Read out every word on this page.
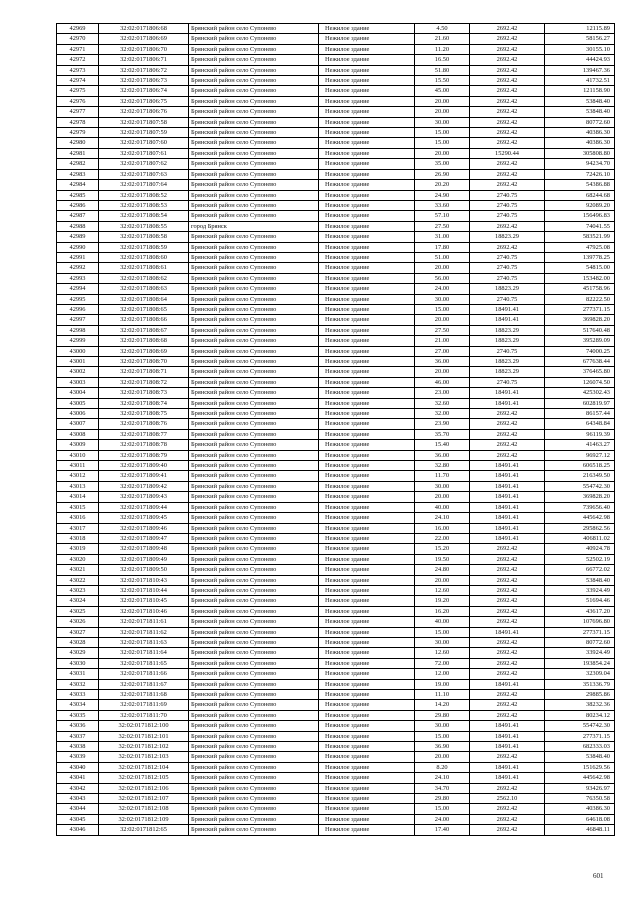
42969	32:02:0171806:68	Брянский район село Супонево	Нежилое здание	4.50	2692.42	12115.89
42970	32:02:0171806:69	Брянский район село Супонево	Нежилое здание	21.60	2692.42	58156.27
42971	32:02:0171806:70	Брянский район село Супонево	Нежилое здание	11.20	2692.42	30155.10
42972	32:02:0171806:71	Брянский район село Супонево	Нежилое здание	16.50	2692.42	44424.93
42973	32:02:0171806:72	Брянский район село Супонево	Нежилое здание	51.80	2692.42	139467.36
42974	32:02:0171806:73	Брянский район село Супонево	Нежилое здание	15.50	2692.42	41732.51
42975	32:02:0171806:74	Брянский район село Супонево	Нежилое здание	45.00	2692.42	121158.90
42976	32:02:0171806:75	Брянский район село Супонево	Нежилое здание	20.00	2692.42	53848.40
42977	32:02:0171806:76	Брянский район село Супонево	Нежилое здание	20.00	2692.42	53848.40
42978	32:02:0171807:58	Брянский район село Супонево	Нежилое здание	30.00	2692.42	80772.60
42979	32:02:0171807:59	Брянский район село Супонево	Нежилое здание	15.00	2692.42	40386.30
42980	32:02:0171807:60	Брянский район село Супонево	Нежилое здание	15.00	2692.42	40386.30
42981	32:02:0171807:61	Брянский район село Супонево	Нежилое здание	20.00	15290.44	305808.80
42982	32:02:0171807:62	Брянский район село Супонево	Нежилое здание	35.00	2692.42	94234.70
42983	32:02:0171807:63	Брянский район село Супонево	Нежилое здание	26.90	2692.42	72426.10
42984	32:02:0171807:64	Брянский район село Супонево	Нежилое здание	20.20	2692.42	54386.88
42985	32:02:0171808:52	Брянский район село Супонево	Нежилое здание	24.90	2740.75	68244.68
42986	32:02:0171808:53	Брянский район село Супонево	Нежилое здание	33.60	2740.75	92089.20
42987	32:02:0171808:54	Брянский район село Супонево	Нежилое здание	57.10	2740.75	156496.83
42988	32:02:0171808:55	город Брянск	Нежилое здание	27.50	2692.42	74041.55
42989	32:02:0171808:58	Брянский район село Супонево	Нежилое здание	31.00	18823.29	583521.99
42990	32:02:0171808:59	Брянский район село Супонево	Нежилое здание	17.80	2692.42	47925.08
42991	32:02:0171808:60	Брянский район село Супонево	Нежилое здание	51.00	2740.75	139778.25
42992	32:02:0171808:61	Брянский район село Супонево	Нежилое здание	20.00	2740.75	54815.00
42993	32:02:0171808:62	Брянский район село Супонево	Нежилое здание	56.00	2740.75	153482.00
42994	32:02:0171808:63	Брянский район село Супонево	Нежилое здание	24.00	18823.29	451758.96
42995	32:02:0171808:64	Брянский район село Супонево	Нежилое здание	30.00	2740.75	82222.50
42996	32:02:0171808:65	Брянский район село Супонево	Нежилое здание	15.00	18491.41	277371.15
42997	32:02:0171808:66	Брянский район село Супонево	Нежилое здание	20.00	18491.41	369828.20
42998	32:02:0171808:67	Брянский район село Супонево	Нежилое здание	27.50	18823.29	517640.48
42999	32:02:0171808:68	Брянский район село Супонево	Нежилое здание	21.00	18823.29	395289.09
43000	32:02:0171808:69	Брянский район село Супонево	Нежилое здание	27.00	2740.75	74000.25
43001	32:02:0171808:70	Брянский район село Супонево	Нежилое здание	36.00	18823.29	677638.44
43002	32:02:0171808:71	Брянский район село Супонево	Нежилое здание	20.00	18823.29	376465.80
43003	32:02:0171808:72	Брянский район село Супонево	Нежилое здание	46.00	2740.75	126074.50
43004	32:02:0171808:73	Брянский район село Супонево	Нежилое здание	23.00	18491.41	425302.43
43005	32:02:0171808:74	Брянский район село Супонево	Нежилое здание	32.60	18491.41	602819.97
43006	32:02:0171808:75	Брянский район село Супонево	Нежилое здание	32.00	2692.42	86157.44
43007	32:02:0171808:76	Брянский район село Супонево	Нежилое здание	23.90	2692.42	64348.84
43008	32:02:0171808:77	Брянский район село Супонево	Нежилое здание	35.70	2692.42	96119.39
43009	32:02:0171808:78	Брянский район село Супонево	Нежилое здание	15.40	2692.42	41463.27
43010	32:02:0171808:79	Брянский район село Супонево	Нежилое здание	36.00	2692.42	96927.12
43011	32:02:0171809:40	Брянский район село Супонево	Нежилое здание	32.80	18491.41	606518.25
43012	32:02:0171809:41	Брянский район село Супонево	Нежилое здание	11.70	18491.41	216349.50
43013	32:02:0171809:42	Брянский район село Супонево	Нежилое здание	30.00	18491.41	554742.30
43014	32:02:0171809:43	Брянский район село Супонево	Нежилое здание	20.00	18491.41	369828.20
43015	32:02:0171809:44	Брянский район село Супонево	Нежилое здание	40.00	18491.41	739656.40
43016	32:02:0171809:45	Брянский район село Супонево	Нежилое здание	24.10	18491.41	445642.98
43017	32:02:0171809:46	Брянский район село Супонево	Нежилое здание	16.00	18491.41	295862.56
43018	32:02:0171809:47	Брянский район село Супонево	Нежилое здание	22.00	18491.41	406811.02
43019	32:02:0171809:48	Брянский район село Супонево	Нежилое здание	15.20	2692.42	40924.78
43020	32:02:0171809:49	Брянский район село Супонево	Нежилое здание	19.50	2692.42	52502.19
43021	32:02:0171809:50	Брянский район село Супонево	Нежилое здание	24.80	2692.42	66772.02
43022	32:02:0171810:43	Брянский район село Супонево	Нежилое здание	20.00	2692.42	53848.40
43023	32:02:0171810:44	Брянский район село Супонево	Нежилое здание	12.60	2692.42	33924.49
43024	32:02:0171810:45	Брянский район село Супонево	Нежилое здание	19.20	2692.42	51694.46
43025	32:02:0171810:46	Брянский район село Супонево	Нежилое здание	16.20	2692.42	43617.20
43026	32:02:0171811:61	Брянский район село Супонево	Нежилое здание	40.00	2692.42	107696.80
43027	32:02:0171811:62	Брянский район село Супонево	Нежилое здание	15.00	18491.41	277371.15
43028	32:02:0171811:63	Брянский район село Супонево	Нежилое здание	30.00	2692.42	80772.60
43029	32:02:0171811:64	Брянский район село Супонево	Нежилое здание	12.60	2692.42	33924.49
43030	32:02:0171811:65	Брянский район село Супонево	Нежилое здание	72.00	2692.42	193854.24
43031	32:02:0171811:66	Брянский район село Супонево	Нежилое здание	12.00	2692.42	32309.04
43032	32:02:0171811:67	Брянский район село Супонево	Нежилое здание	19.00	18491.41	351336.79
43033	32:02:0171811:68	Брянский район село Супонево	Нежилое здание	11.10	2692.42	29885.86
43034	32:02:0171811:69	Брянский район село Супонево	Нежилое здание	14.20	2692.42	38232.36
43035	32:02:0171811:70	Брянский район село Супонево	Нежилое здание	29.80	2692.42	80234.12
43036	32:02:0171812:100	Брянский район село Супонево	Нежилое здание	30.00	18491.41	554742.30
43037	32:02:0171812:101	Брянский район село Супонево	Нежилое здание	15.00	18491.41	277371.15
43038	32:02:0171812:102	Брянский район село Супонево	Нежилое здание	36.90	18491.41	682333.03
43039	32:02:0171812:103	Брянский район село Супонево	Нежилое здание	20.00	2692.42	53848.40
43040	32:02:0171812:104	Брянский район село Супонево	Нежилое здание	8.20	18491.41	151629.56
43041	32:02:0171812:105	Брянский район село Супонево	Нежилое здание	24.10	18491.41	445642.98
43042	32:02:0171812:106	Брянский район село Супонево	Нежилое здание	34.70	2692.42	93426.97
43043	32:02:0171812:107	Брянский район село Супонево	Нежилое здание	29.80	2562.10	76350.58
43044	32:02:0171812:108	Брянский район село Супонево	Нежилое здание	15.00	2692.42	40386.30
43045	32:02:0171812:109	Брянский район село Супонево	Нежилое здание	24.00	2692.42	64618.08
43046	32:02:0171812:65	Брянский район село Супонево	Нежилое здание	17.40	2692.42	46848.11
601
